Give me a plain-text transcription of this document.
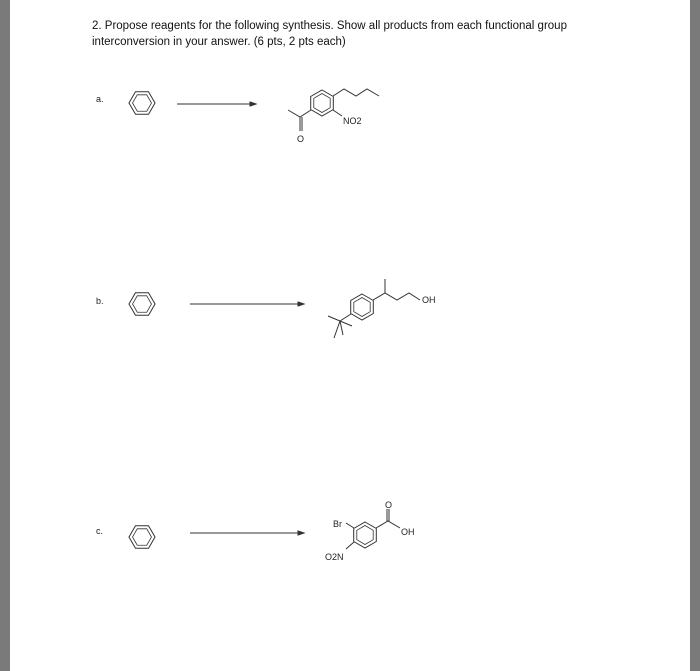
2. Propose reagents for the following synthesis. Show all products from each functional group
interconversion in your answer. (6 pts, 2 pts each)
a.
b.
c.
NO2
O
OH
Br
O2N
OH
O
